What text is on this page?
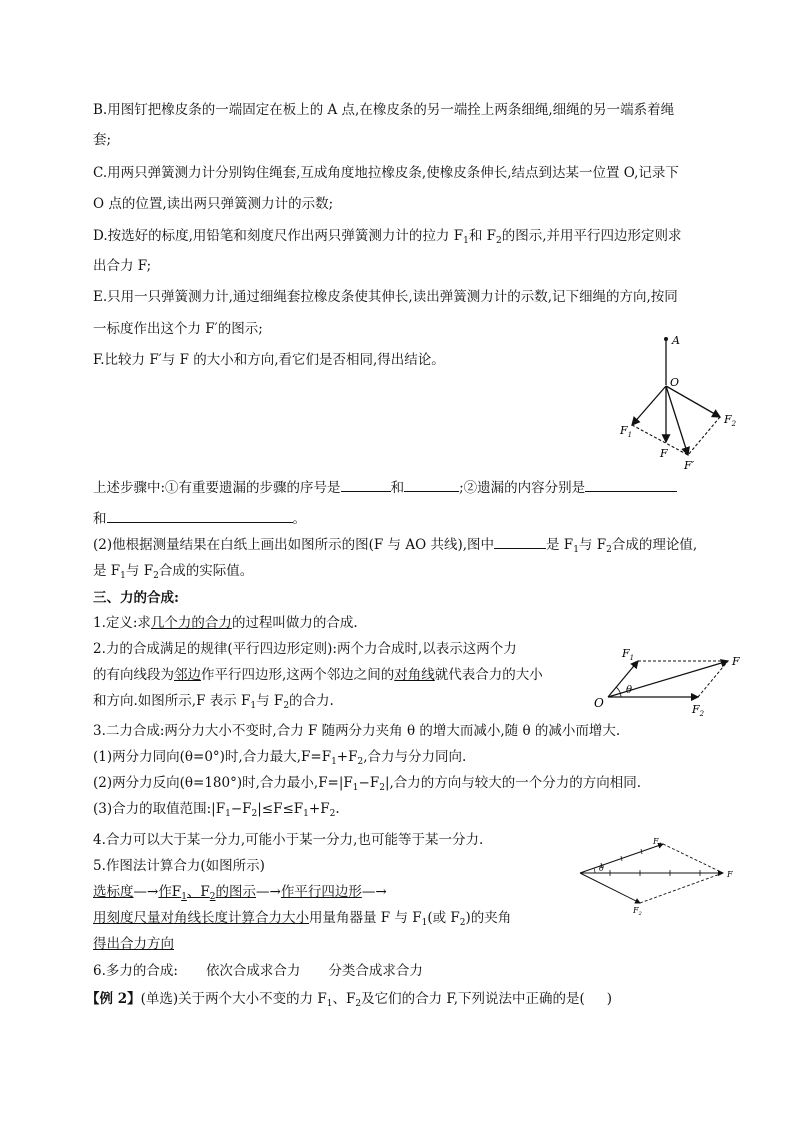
B.用图钉把橡皮条的一端固定在板上的 A 点,在橡皮条的另一端拴上两条细绳,细绳的另一端系着绳
套;
C.用两只弹簧测力计分别钩住绳套,互成角度地拉橡皮条,使橡皮条伸长,结点到达某一位置 O,记录下
O 点的位置,读出两只弹簧测力计的示数;
D.按选好的标度,用铅笔和刻度尺作出两只弹簧测力计的拉力 $F_1$和 $F_2$的图示,并用平行四边形定则求
出合力 F;
E.只用一只弹簧测力计,通过细绳套拉橡皮条使其伸长,读出弹簧测力计的示数,记下细绳的方向,按同
一标度作出这个力 F′的图示;
F.比较力 F′与 F 的大小和方向,看它们是否相同,得出结论。
A
O
$F_1$
$F_2$
F
F′
上述步骤中:①有重要遗漏的步骤的序号是	和	;②遗漏的内容分别是
和	。
(2)他根据测量结果在白纸上画出如图所示的图(F 与 AO 共线),图中	是 $F_1$与 $F_2$合成的理论值,
是 $F_1$与 $F_2$合成的实际值。
三、力的合成:
1.定义:求几个力的合力的过程叫做力的合成.
2.力的合成满足的规律(平行四边形定则):两个力合成时,以表示这两个力
的有向线段为邻边作平行四边形,这两个邻边之间的对角线就代表合力的大小
和方向.如图所示,F 表示 $F_1$与 $F_2$的合力.	O
θ
$F_1$
$F_2$
F
3.二力合成:两分力大小不变时,合力 F 随两分力夹角 θ 的增大而减小,随 θ 的减小而增大.
(1)两分力同向(θ=0°)时,合力最大$,F=F_1+F_2$,合力与分力同向.
(2)两分力反向(θ=180°)时,合力最小$,F=|F_1-F_2|$,合力的方向与较大的一个分力的方向相同.
(3)合力的取值范围$:|F_1-F_2|\le F\le F_1+F_2$.
4.合力可以大于某一分力,可能小于某一分力,也可能等于某一分力.
5.作图法计算合力(如图所示)
选标度—→作$F_1$、$F_2$的图示—→作平行四边形—→
用刻度尺量对角线长度计算合力大小用量角器量 F 与 $F_1$(或 $F_2$)的夹角
得出合力方向
θ
$F_1$
$F_2$
F
6.多力的合成: 依次合成求合力 分类合成求合力
【例 2】(单选)关于两个大小不变的力 $F_1$、$F_2$及它们的合力 F,下列说法中正确的是( )
